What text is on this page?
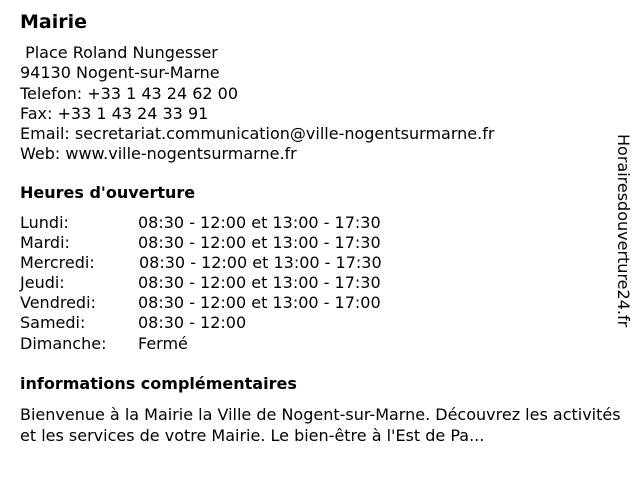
Mairie
Place Roland Nungesser
94130 Nogent-sur-Marne
Telefon: +33 1 43 24 62 00
Fax: +33 1 43 24 33 91
Email: secretariat.communication@ville-nogentsurmarne.fr
Web: www.ville-nogentsurmarne.fr
Heures d'ouverture
Lundi:	08:30 - 12:00 et 13:00 - 17:30
Mardi:	08:30 - 12:00 et 13:00 - 17:30
Mercredi:	08:30 - 12:00 et 13:00 - 17:30
Jeudi:	08:30 - 12:00 et 13:00 - 17:30
Vendredi:	08:30 - 12:00 et 13:00 - 17:00
Samedi:	08:30 - 12:00
Dimanche: Fermé
informations complémentaires
Bienvenue à la Mairie la Ville de Nogent-sur-Marne. Découvrez les activités et les services de votre Mairie. Le bien-être à l'Est de Pa...
Horairesdouverture24.fr
